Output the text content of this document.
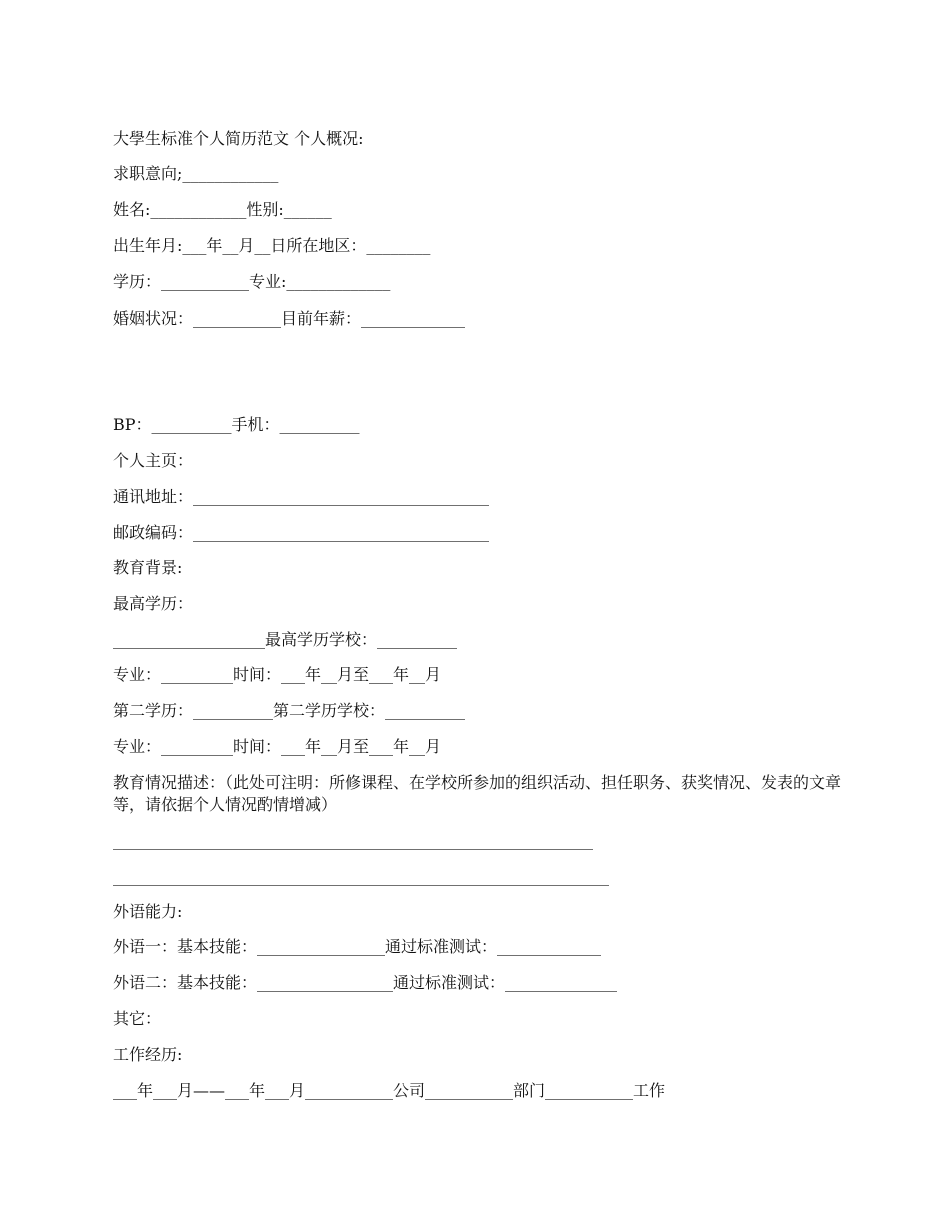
大學生标准个人简历范文 个人概况:

求职意向;____________

姓名:____________性别:______

出生年月:___年__月__日所在地区：________

学历：___________专业:_____________

婚姻状况：___________目前年薪：_____________

BP：__________手机：__________

个人主页：

通讯地址：_____________________________________

邮政编码：_____________________________________

教育背景:

最高学历：

___________________最高学历学校：__________

专业：_________时间：___年__月至___年__月

第二学历：__________第二学历学校：__________

专业：_________时间：___年__月至___年__月

教育情况描述：（此处可注明：所修课程、在学校所参加的组织活动、担任职务、获奖情况、发表的文章等，请依据个人情况酌情增减）

____________________________________________________________

______________________________________________________________

外语能力:

外语一：基本技能：________________通过标准测试：_____________

外语二：基本技能：_________________通过标准测试：______________

其它：

工作经历:

___年___月——___年___月___________公司___________部门___________工作
